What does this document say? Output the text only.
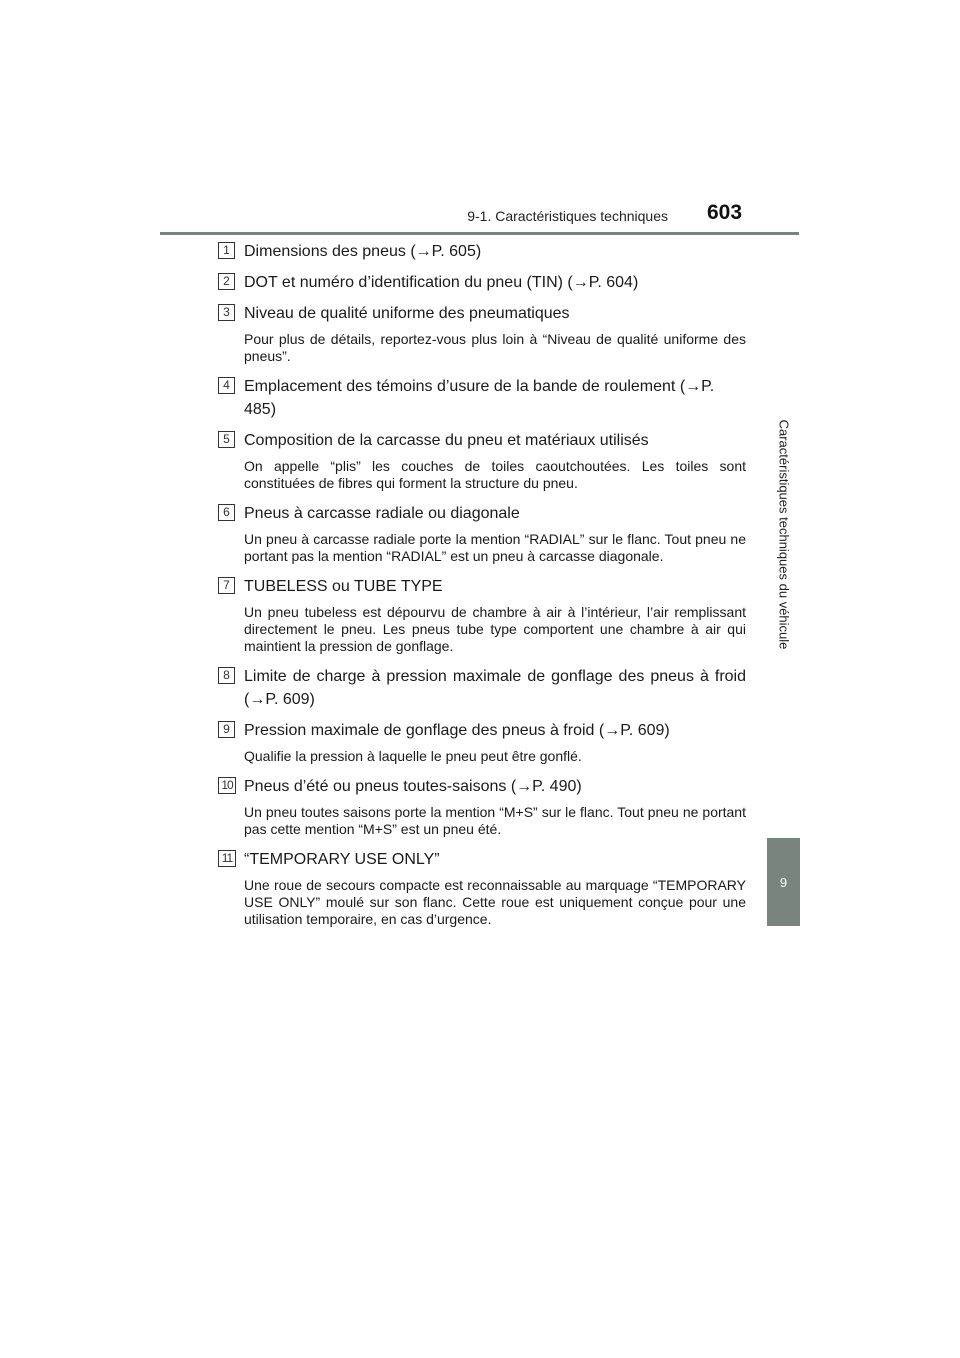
9-1. Caractéristiques techniques 603
Caractéristiques techniques du véhicule
9
1 Dimensions des pneus (→P. 605)
2 DOT et numéro d’identification du pneu (TIN) (→P. 604)
3 Niveau de qualité uniforme des pneumatiques
Pour plus de détails, reportez-vous plus loin à “Niveau de qualité uniforme des pneus”.
4 Emplacement des témoins d’usure de la bande de roulement (→P. 485)
5 Composition de la carcasse du pneu et matériaux utilisés
On appelle “plis” les couches de toiles caoutchoutées. Les toiles sont constituées de fibres qui forment la structure du pneu.
6 Pneus à carcasse radiale ou diagonale
Un pneu à carcasse radiale porte la mention “RADIAL” sur le flanc. Tout pneu ne portant pas la mention “RADIAL” est un pneu à carcasse diagonale.
7 TUBELESS ou TUBE TYPE
Un pneu tubeless est dépourvu de chambre à air à l’intérieur, l’air remplissant directement le pneu. Les pneus tube type comportent une chambre à air qui maintient la pression de gonflage.
8 Limite de charge à pression maximale de gonflage des pneus à froid (→P. 609)
9 Pression maximale de gonflage des pneus à froid (→P. 609)
Qualifie la pression à laquelle le pneu peut être gonflé.
10 Pneus d’été ou pneus toutes-saisons (→P. 490)
Un pneu toutes saisons porte la mention “M+S” sur le flanc. Tout pneu ne portant pas cette mention “M+S” est un pneu été.
11 “TEMPORARY USE ONLY”
Une roue de secours compacte est reconnaissable au marquage “TEMPORARY USE ONLY” moulé sur son flanc. Cette roue est uniquement conçue pour une utilisation temporaire, en cas d’urgence.
